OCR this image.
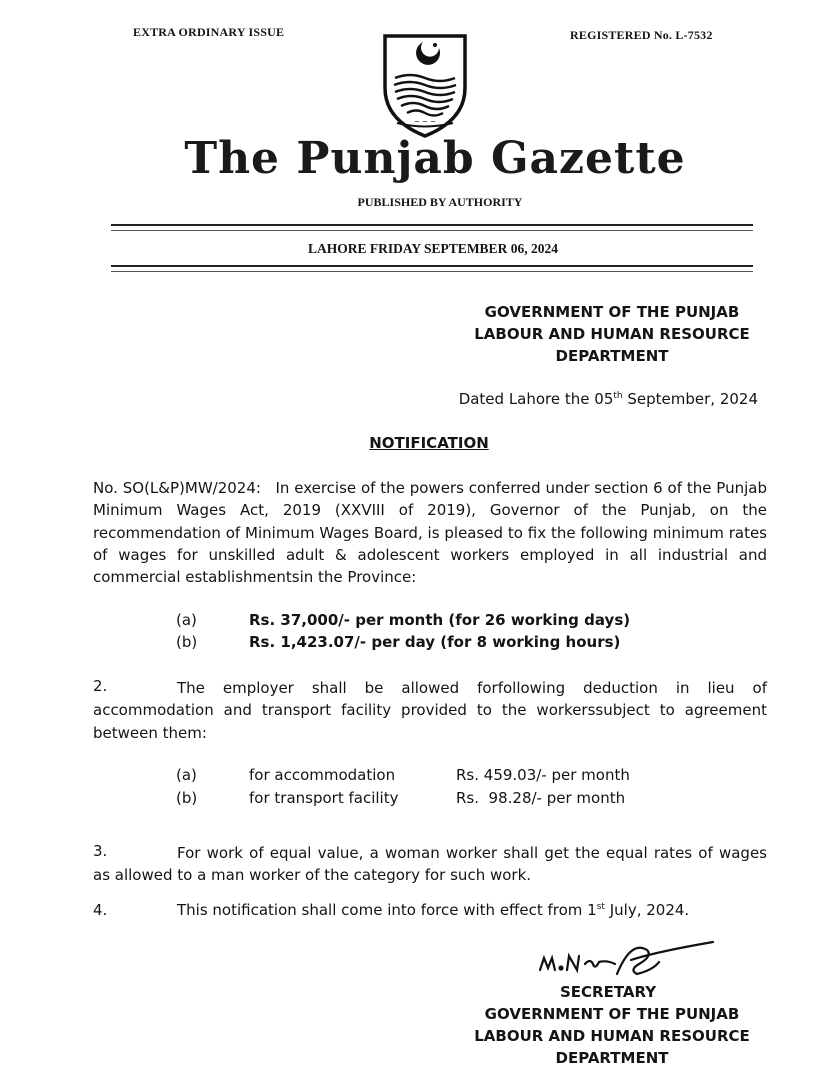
EXTRA ORDINARY ISSUE	REGISTERED No. L-7532
~ ~ ~
The Punjab Gazette
PUBLISHED BY AUTHORITY
LAHORE FRIDAY SEPTEMBER 06, 2024
GOVERNMENT OF THE PUNJAB
LABOUR AND HUMAN RESOURCE
DEPARTMENT
Dated Lahore the 05th September, 2024
NOTIFICATION
No. SO(L&P)MW/2024:   In exercise of the powers conferred under section 6 of the Punjab Minimum Wages Act, 2019 (XXVIII of 2019), Governor of the Punjab, on the recommendation of Minimum Wages Board, is pleased to fix the following minimum rates of wages for unskilled adult & adolescent workers employed in all industrial and commercial establishmentsin the Province:
(a)	Rs. 37,000/- per month (for 26 working days)
(b)	Rs. 1,423.07/- per day (for 8 working hours)
2.	The employer shall be allowed forfollowing deduction in lieu of accommodation and transport facility provided to the workerssubject to agreement between them:
(a)	for accommodation	Rs. 459.03/- per month
(b)	for transport facility	Rs.  98.28/- per month
3.	For work of equal value, a woman worker shall get the equal rates of wages as allowed to a man worker of the category for such work.
4.	This notification shall come into force with effect from 1st July, 2024.
SECRETARY
GOVERNMENT OF THE PUNJAB
LABOUR AND HUMAN RESOURCE
DEPARTMENT
